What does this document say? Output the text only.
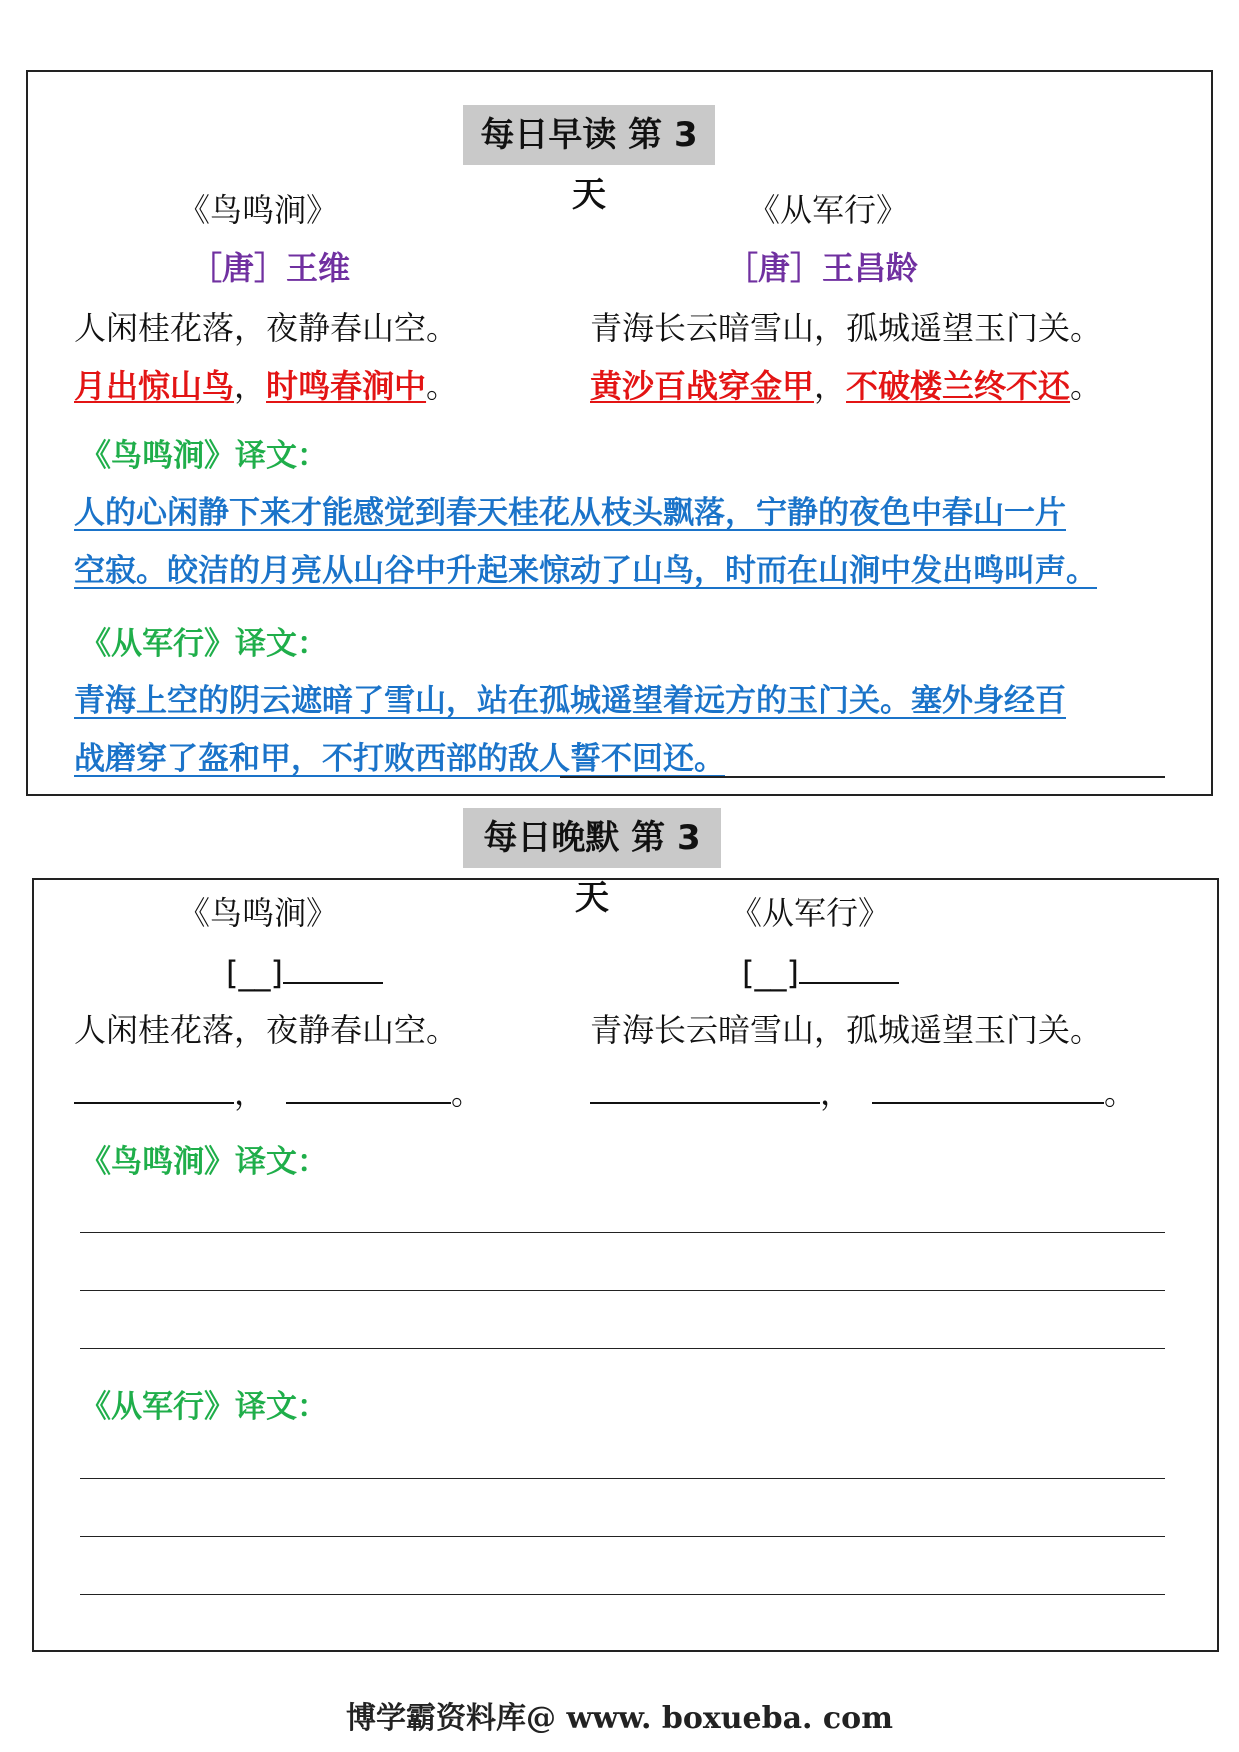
每日早读 第 3 天
《鸟鸣涧》
［唐］王维
人闲桂花落，夜静春山空。
月出惊山鸟，时鸣春涧中。
《从军行》
［唐］王昌龄
青海长云暗雪山，孤城遥望玉门关。
黄沙百战穿金甲，不破楼兰终不还。
《鸟鸣涧》译文：
人的心闲静下来才能感觉到春天桂花从枝头飘落，宁静的夜色中春山一片
空寂。皎洁的月亮从山谷中升起来惊动了山鸟，时而在山涧中发出鸣叫声。
《从军行》译文：
青海上空的阴云遮暗了雪山，站在孤城遥望着远方的玉门关。塞外身经百
战磨穿了盔和甲，不打败西部的敌人誓不回还。
每日晚默 第 3 天
《鸟鸣涧》
[__]
人闲桂花落，夜静春山空。
，	。
《从军行》
[__]
青海长云暗雪山，孤城遥望玉门关。
，	。
《鸟鸣涧》译文：
《从军行》译文：
博学霸资料库@ www. boxueba. com
